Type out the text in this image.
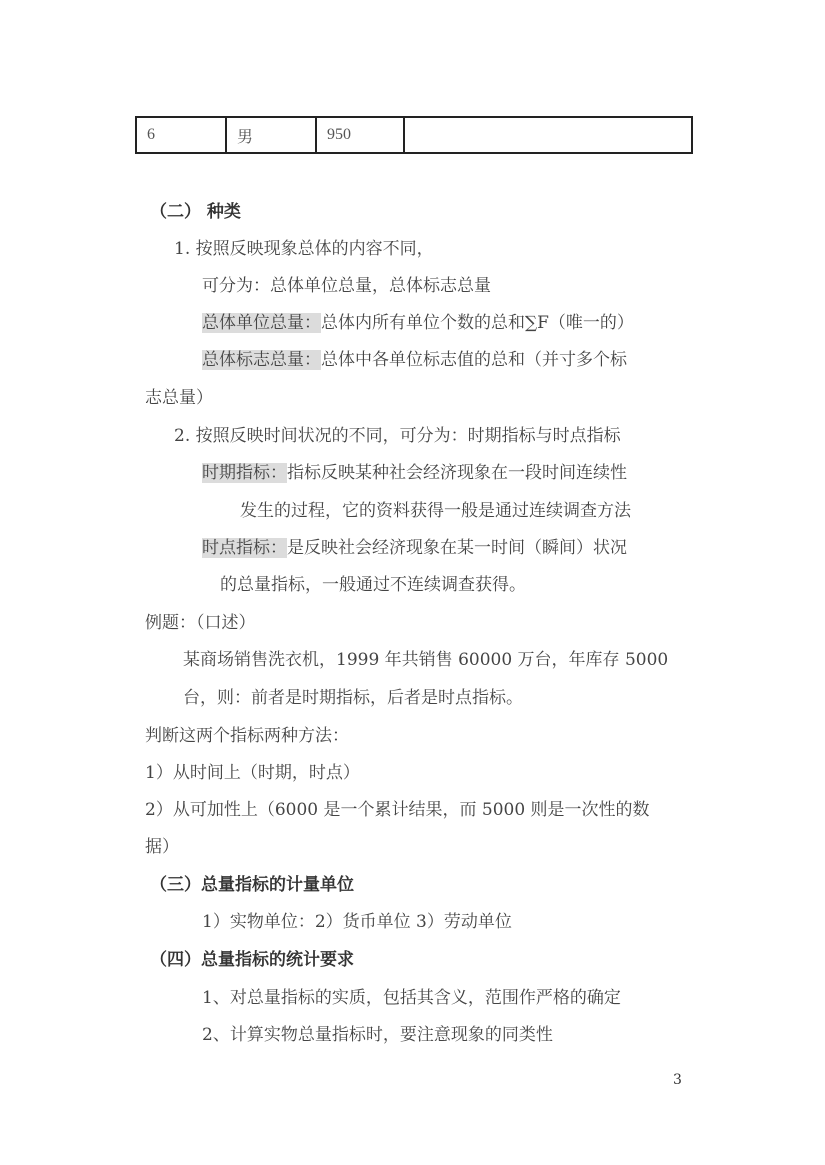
6	男	950	
（二） 种类
1. 按照反映现象总体的内容不同，
可分为：总体单位总量，总体标志总量
总体单位总量：总体内所有单位个数的总和∑F（唯一的）
总体标志总量：总体中各单位标志值的总和（并寸多个标
志总量）
2. 按照反映时间状况的不同，可分为：时期指标与时点指标
时期指标：指标反映某种社会经济现象在一段时间连续性
发生的过程，它的资料获得一般是通过连续调查方法
时点指标：是反映社会经济现象在某一时间（瞬间）状况
的总量指标，一般通过不连续调查获得。
例题：（口述）
某商场销售洗衣机，1999 年共销售 60000 万台，年库存 5000
台，则：前者是时期指标，后者是时点指标。
判断这两个指标两种方法：
1）从时间上（时期，时点）
2）从可加性上（6000 是一个累计结果，而 5000 则是一次性的数
据）
（三）总量指标的计量单位
1）实物单位：2）货币单位 3）劳动单位
（四）总量指标的统计要求
1、对总量指标的实质，包括其含义，范围作严格的确定
2、计算实物总量指标时，要注意现象的同类性
3
